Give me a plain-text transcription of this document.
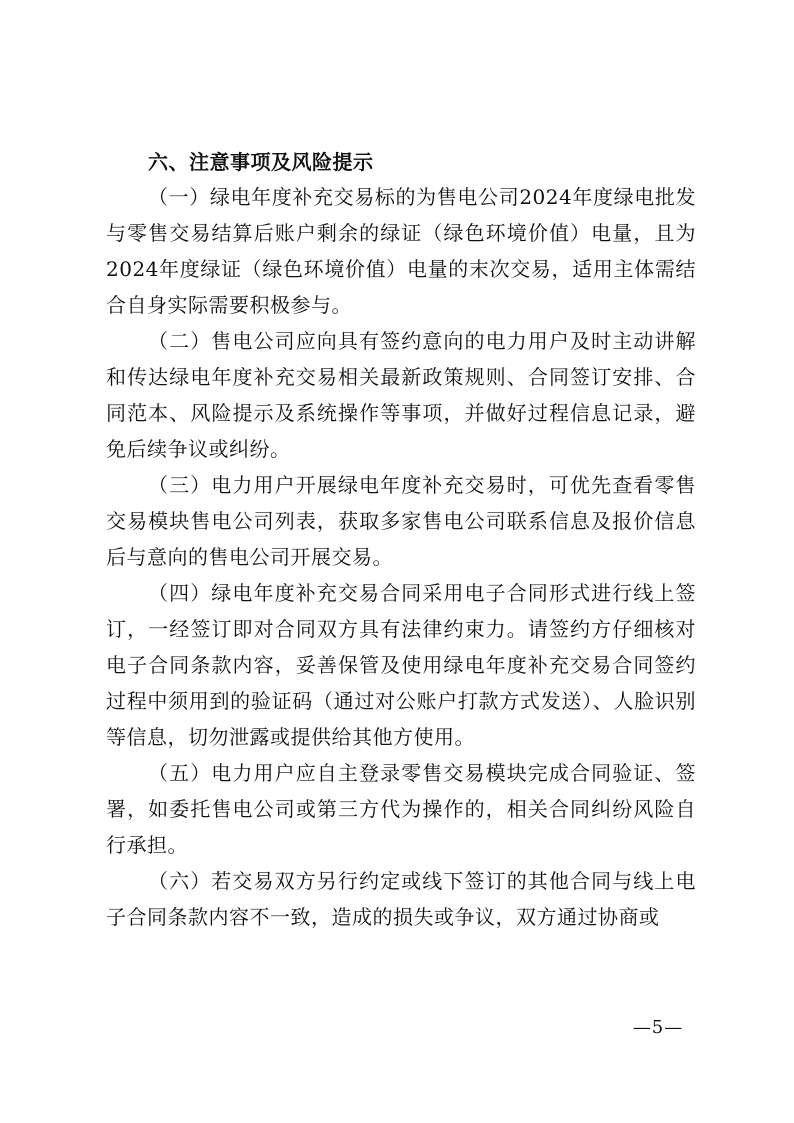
六、注意事项及风险提示

（一）绿电年度补充交易标的为售电公司2024年度绿电批发与零售交易结算后账户剩余的绿证（绿色环境价值）电量，且为2024年度绿证（绿色环境价值）电量的末次交易，适用主体需结合自身实际需要积极参与。

（二）售电公司应向具有签约意向的电力用户及时主动讲解和传达绿电年度补充交易相关最新政策规则、合同签订安排、合同范本、风险提示及系统操作等事项，并做好过程信息记录，避免后续争议或纠纷。

（三）电力用户开展绿电年度补充交易时，可优先查看零售交易模块售电公司列表，获取多家售电公司联系信息及报价信息后与意向的售电公司开展交易。

（四）绿电年度补充交易合同采用电子合同形式进行线上签订，一经签订即对合同双方具有法律约束力。请签约方仔细核对电子合同条款内容，妥善保管及使用绿电年度补充交易合同签约过程中须用到的验证码（通过对公账户打款方式发送）、人脸识别等信息，切勿泄露或提供给其他方使用。

（五）电力用户应自主登录零售交易模块完成合同验证、签署，如委托售电公司或第三方代为操作的，相关合同纠纷风险自行承担。

（六）若交易双方另行约定或线下签订的其他合同与线上电子合同条款内容不一致，造成的损失或争议，双方通过协商或

—5—
